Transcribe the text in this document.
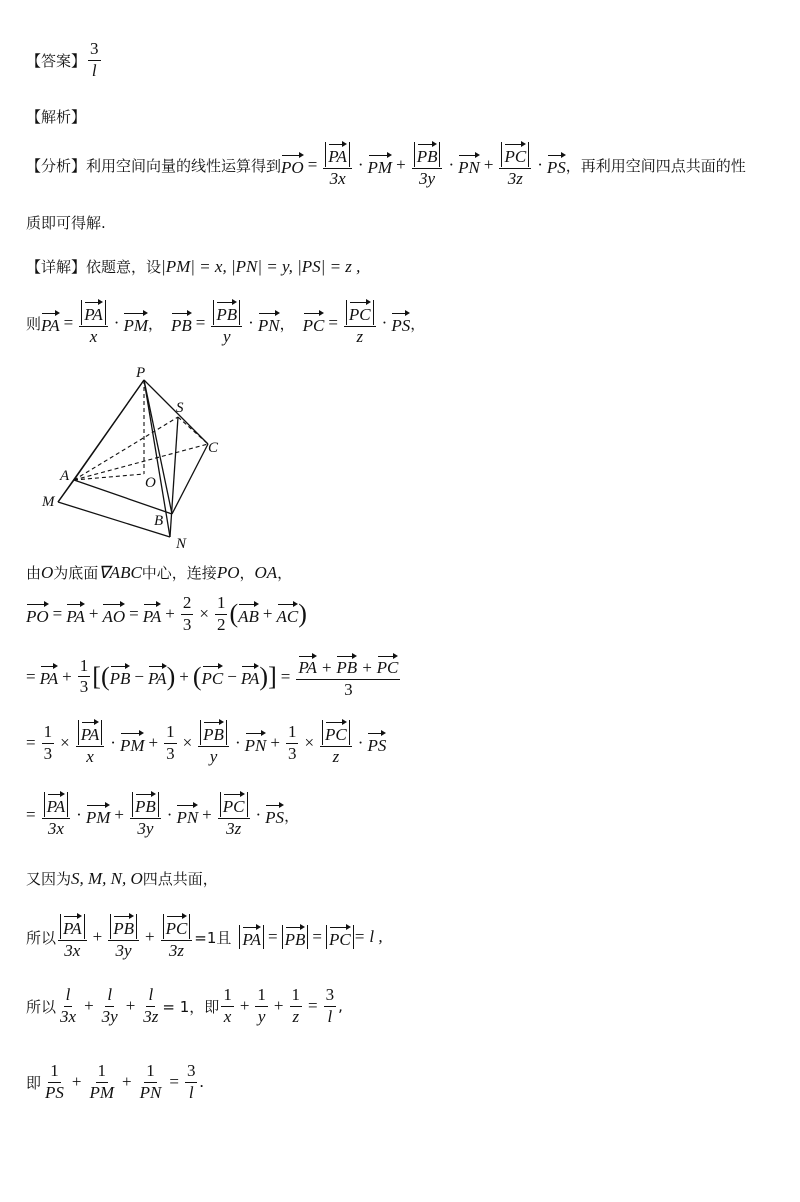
【答案】 $\frac{3}{l}$
【解析】
【分析】 利用空间向量的线性运算得到 PO = $\frac{PA}{3x}$ · PM + $\frac{PB}{3y}$ · PN + $\frac{PC}{3z}$ · PS ，再利用空间四点共面的性
质即可得解.
【详解】 依题意，设 |PM| = x, |PN| = y, |PS| = z ,
则 PA = $\frac{PA}{x}$ · PM ， PB = $\frac{PB}{y}$ · PN ， PC = $\frac{PC}{z}$ · PS ，
P
S
C
A	O
M
B
N
由 O 为底面 ∇ABC 中心，连接 PO ， OA ，
PO = PA + AO = PA + $\frac{2}{3} \times \frac{1}{2}$ ( AB + AC )
= PA + $\frac{1}{3}$ [ ( PB − PA ) + ( PC − PA ) ] = $\frac{PA + PB + PC}{3}$
= $\frac{1}{3} \times \frac{PA}{x}$ · PM + $\frac{1}{3} \times \frac{PB}{y}$ · PN + $\frac{1}{3} \times \frac{PC}{z}$ · PS
= $\frac{PA}{3x}$ · PM + $\frac{PB}{3y}$ · PN + $\frac{PC}{3z}$ · PS ，
又因为 S, M, N, O 四点共面，
所以 $\frac{PA}{3x} + \frac{PB}{3y} + \frac{PC}{3z} =1$且 PA = PB = PC = l ,
所以 $\frac{l}{3x} + \frac{l}{3y} + \frac{l}{3z} = 1$，即 $\frac{1}{x} + \frac{1}{y} + \frac{1}{z} = \frac{3}{l}$ ,
即 $\frac{1}{PS} + \frac{1}{PM} + \frac{1}{PN} = \frac{3}{l}$ .
